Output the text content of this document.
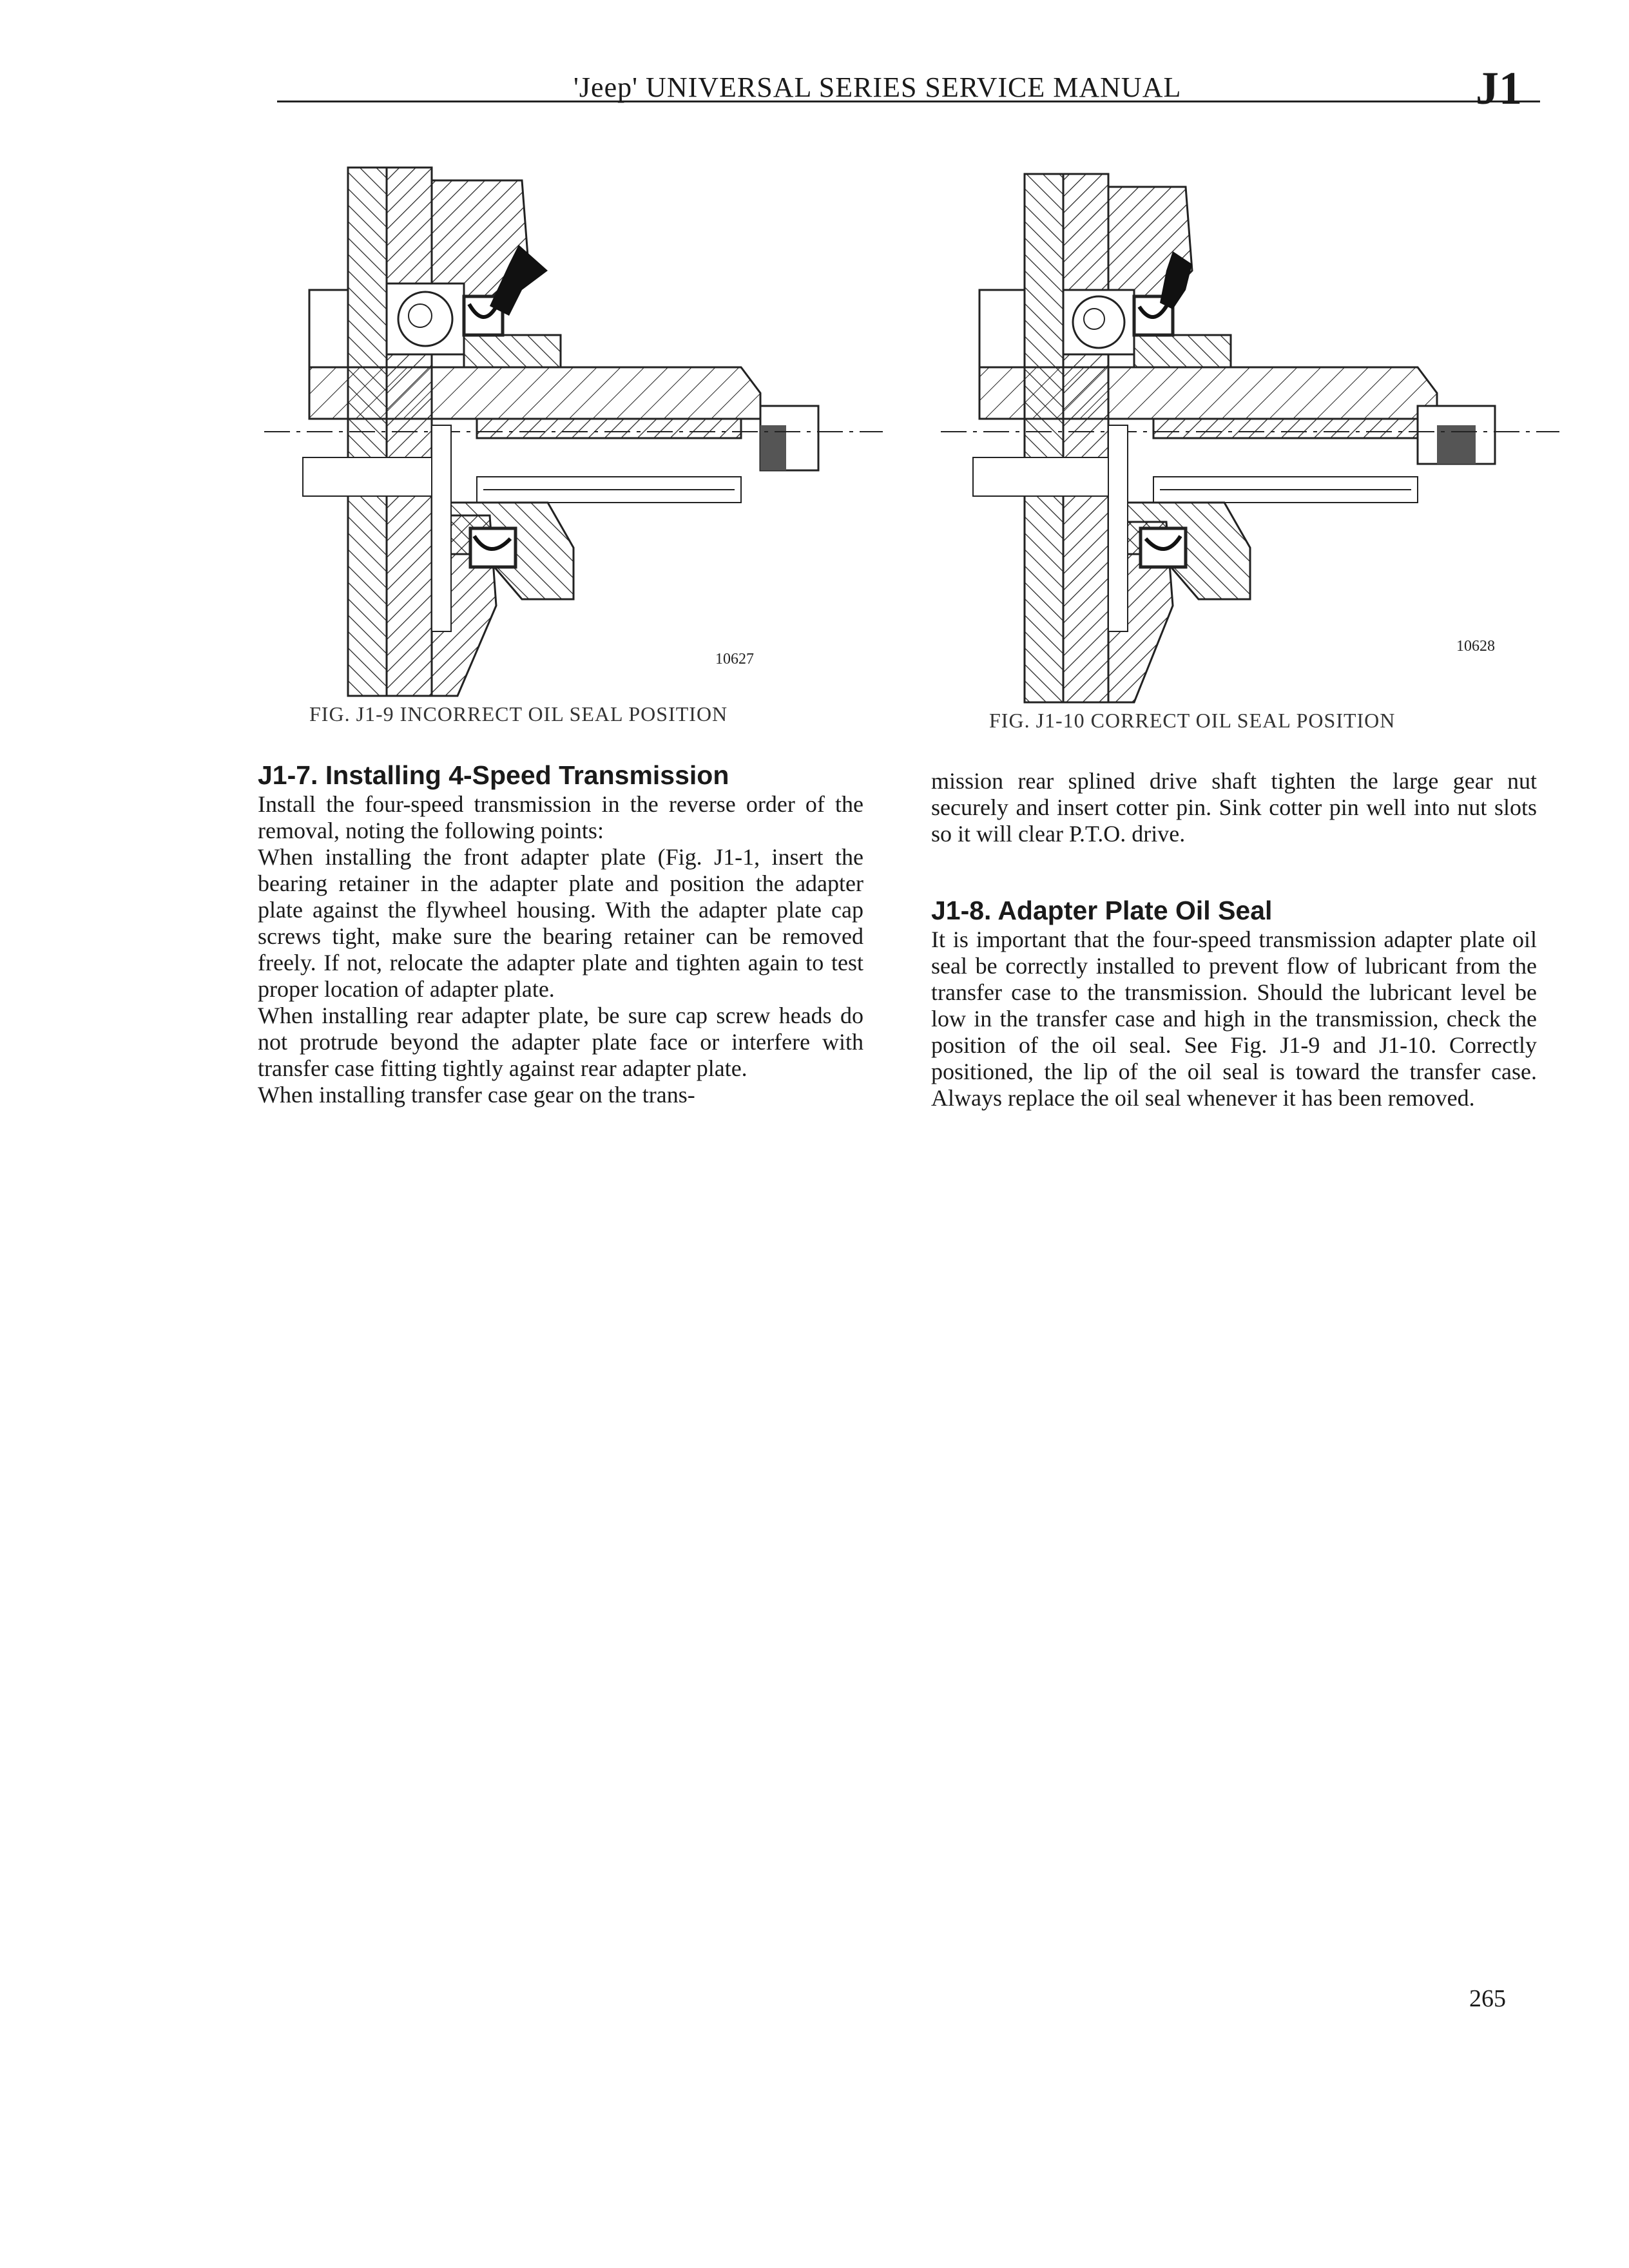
'Jeep' UNIVERSAL SERIES SERVICE MANUAL	J1
10627
10628
FIG. J1-9 INCORRECT OIL SEAL POSITION	FIG. J1-10 CORRECT OIL SEAL POSITION
J1-7. Installing 4-Speed Transmission

Install the four-speed transmission in the reverse order of the removal, noting the following points:

When installing the front adapter plate (Fig. J1-1, insert the bearing retainer in the adapter plate and position the adapter plate against the flywheel housing. With the adapter plate cap screws tight, make sure the bearing retainer can be removed freely. If not, relocate the adapter plate and tighten again to test proper location of adapter plate.

When installing rear adapter plate, be sure cap screw heads do not protrude beyond the adapter plate face or interfere with transfer case fitting tightly against rear adapter plate.

When installing transfer case gear on the trans-

mission rear splined drive shaft tighten the large gear nut securely and insert cotter pin. Sink cotter pin well into nut slots so it will clear P.T.O. drive.

J1-8. Adapter Plate Oil Seal

It is important that the four-speed transmission adapter plate oil seal be correctly installed to prevent flow of lubricant from the transfer case to the transmission. Should the lubricant level be low in the transfer case and high in the transmission, check the position of the oil seal. See Fig. J1-9 and J1-10. Correctly positioned, the lip of the oil seal is toward the transfer case. Always replace the oil seal whenever it has been removed.

265
